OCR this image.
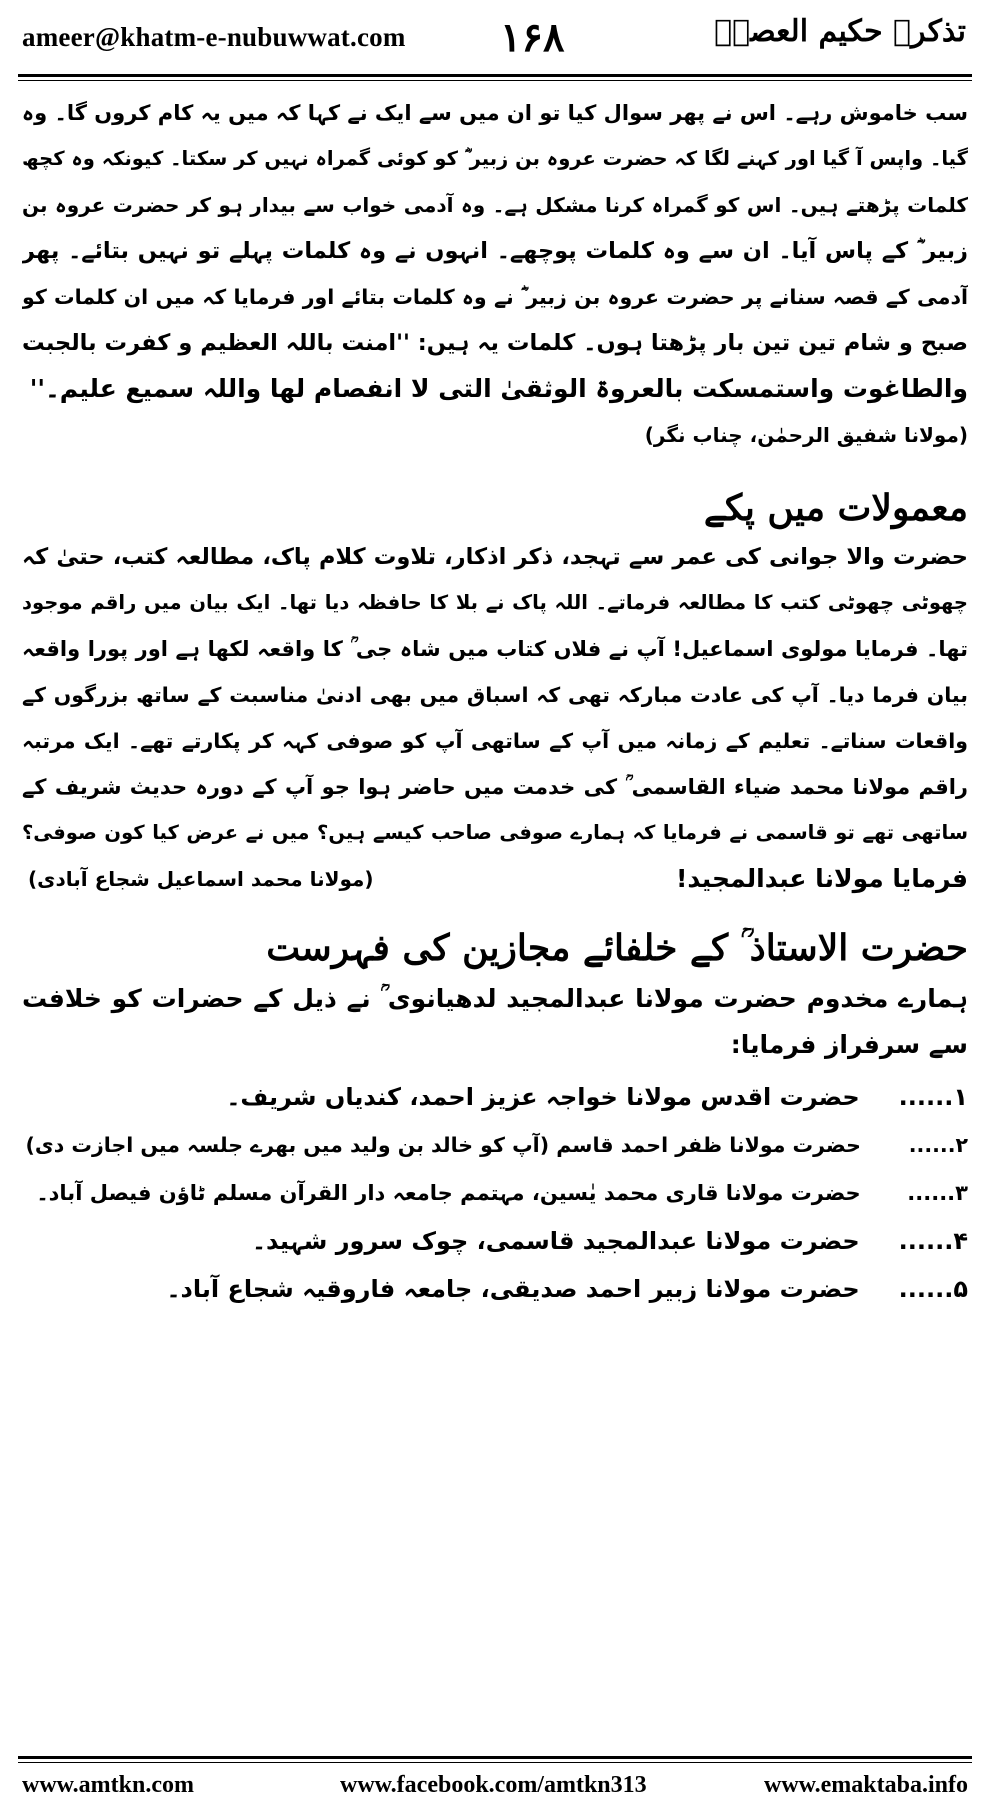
ameer@khatm-e-nubuwwat.com ۱۶۸	تذکرہ حکیم العصرؒ
سب خاموش رہے۔ اس نے پھر سوال کیا تو ان میں سے ایک نے کہا کہ میں یہ کام کروں گا۔ وہ
گیا۔ واپس آ گیا اور کہنے لگا کہ حضرت عروہ بن زبیر ؓ کو کوئی گمراہ نہیں کر سکتا۔ کیونکہ وہ کچھ
کلمات پڑھتے ہیں۔ اس کو گمراہ کرنا مشکل ہے۔ وہ آدمی خواب سے بیدار ہو کر حضرت عروہ بن
زبیر ؓ کے پاس آیا۔ ان سے وہ کلمات پوچھے۔ انہوں نے وہ کلمات پہلے تو نہیں بتائے۔ پھر
آدمی کے قصہ سنانے پر حضرت عروہ بن زبیر ؓ نے وہ کلمات بتائے اور فرمایا کہ میں ان کلمات کو
صبح و شام تین تین بار پڑھتا ہوں۔ کلمات یہ ہیں: ''امنت باللہ العظیم و کفرت بالجبت
والطاغوت واستمسکت بالعروۃ الوثقیٰ التی لا انفصام لھا واللہ سمیع علیم۔''
(مولانا شفیق الرحمٰن، چناب نگر)
معمولات میں پکے
حضرت والا جوانی کی عمر سے تہجد، ذکر اذکار، تلاوت کلام پاک، مطالعہ کتب، حتیٰ کہ
چھوٹی چھوٹی کتب کا مطالعہ فرماتے۔ اللہ پاک نے بلا کا حافظہ دیا تھا۔ ایک بیان میں راقم موجود
تھا۔ فرمایا مولوی اسماعیل! آپ نے فلاں کتاب میں شاہ جی ؒ کا واقعہ لکھا ہے اور پورا واقعہ
بیان فرما دیا۔ آپ کی عادت مبارکہ تھی کہ اسباق میں بھی ادنیٰ مناسبت کے ساتھ بزرگوں کے
واقعات سناتے۔ تعلیم کے زمانہ میں آپ کے ساتھی آپ کو صوفی کہہ کر پکارتے تھے۔ ایک مرتبہ
راقم مولانا محمد ضیاء القاسمی ؒ کی خدمت میں حاضر ہوا جو آپ کے دورہ حدیث شریف کے
ساتھی تھے تو قاسمی نے فرمایا کہ ہمارے صوفی صاحب کیسے ہیں؟ میں نے عرض کیا کون صوفی؟
فرمایا مولانا عبدالمجید!
(مولانا محمد اسماعیل شجاع آبادی)
حضرت الاستاذ ؒ کے خلفائے مجازین کی فہرست
ہمارے مخدوم حضرت مولانا عبدالمجید لدھیانوی ؒ نے ذیل کے حضرات کو خلافت
سے سرفراز فرمایا:
۱...... حضرت اقدس مولانا خواجہ عزیز احمد، کندیاں شریف۔
۲...... حضرت مولانا ظفر احمد قاسم (آپ کو خالد بن ولید میں بھرے جلسہ میں اجازت دی)
۳...... حضرت مولانا قاری محمد یٰسین، مہتمم جامعہ دار القرآن مسلم ٹاؤن فیصل آباد۔
۴...... حضرت مولانا عبدالمجید قاسمی، چوک سرور شہید۔
۵...... حضرت مولانا زبیر احمد صدیقی، جامعہ فاروقیہ شجاع آباد۔
www.amtkn.com	www.facebook.com/amtkn313	www.emaktaba.info
